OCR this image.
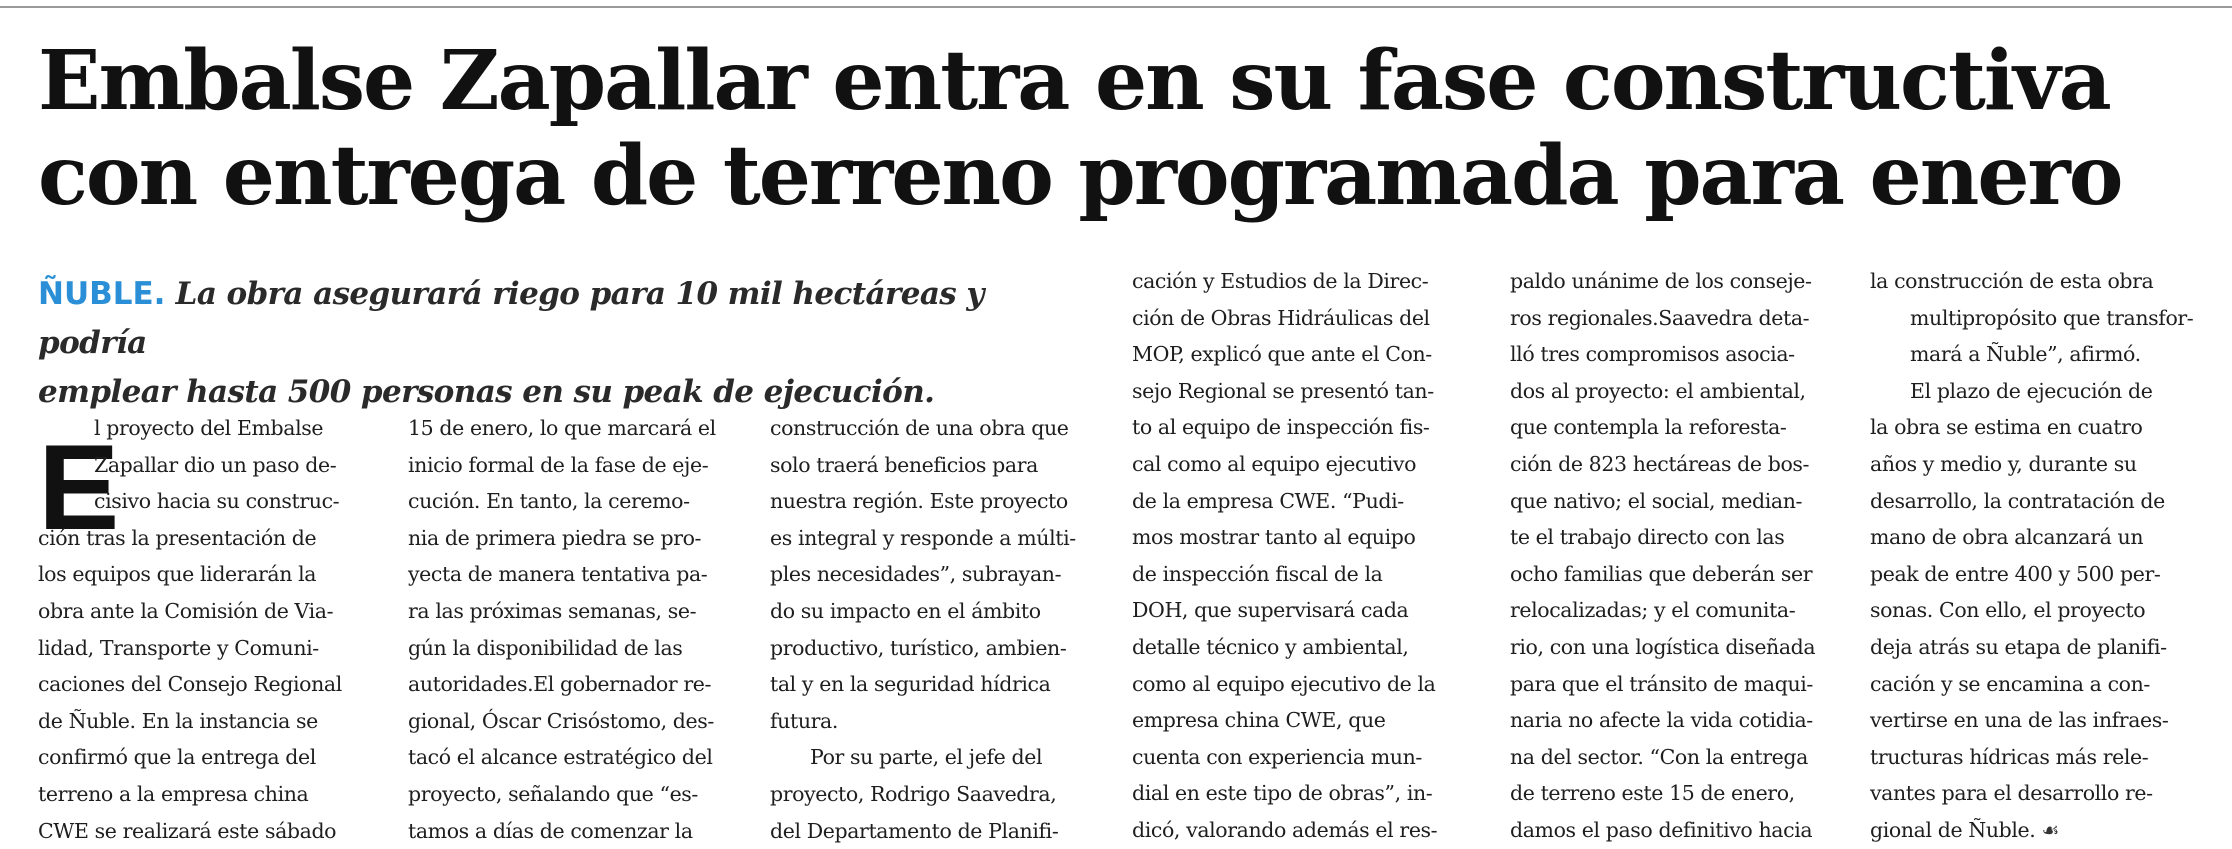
Embalse Zapallar entra en su fase constructiva
con entrega de terreno programada para enero
ÑUBLE. La obra asegurará riego para 10 mil hectáreas y podría
emplear hasta 500 personas en su peak de ejecución.
E

l proyecto del Embalse
Zapallar dio un paso de-
cisivo hacia su construc-
ción tras la presentación de
los equipos que liderarán la
obra ante la Comisión de Via-
lidad, Transporte y Comuni-
caciones del Consejo Regional
de Ñuble. En la instancia se
confirmó que la entrega del
terreno a la empresa china
CWE se realizará este sábado

15 de enero, lo que marcará el
inicio formal de la fase de eje-
cución. En tanto, la ceremo-
nia de primera piedra se pro-
yecta de manera tentativa pa-
ra las próximas semanas, se-
gún la disponibilidad de las
autoridades.El gobernador re-
gional, Óscar Crisóstomo, des-
tacó el alcance estratégico del
proyecto, señalando que “es-
tamos a días de comenzar la

construcción de una obra que
solo traerá beneficios para
nuestra región. Este proyecto
es integral y responde a múlti-
ples necesidades”, subrayan-
do su impacto en el ámbito
productivo, turístico, ambien-
tal y en la seguridad hídrica
futura.

Por su parte, el jefe del
proyecto, Rodrigo Saavedra,
del Departamento de Planifi-

cación y Estudios de la Direc-
ción de Obras Hidráulicas del
MOP, explicó que ante el Con-
sejo Regional se presentó tan-
to al equipo de inspección fis-
cal como al equipo ejecutivo
de la empresa CWE. “Pudi-
mos mostrar tanto al equipo
de inspección fiscal de la
DOH, que supervisará cada
detalle técnico y ambiental,
como al equipo ejecutivo de la
empresa china CWE, que
cuenta con experiencia mun-
dial en este tipo de obras”, in-
dicó, valorando además el res-

paldo unánime de los conseje-
ros regionales.Saavedra deta-
lló tres compromisos asocia-
dos al proyecto: el ambiental,
que contempla la reforesta-
ción de 823 hectáreas de bos-
que nativo; el social, median-
te el trabajo directo con las
ocho familias que deberán ser
relocalizadas; y el comunita-
rio, con una logística diseñada
para que el tránsito de maqui-
naria no afecte la vida cotidia-
na del sector. “Con la entrega
de terreno este 15 de enero,
damos el paso definitivo hacia

la construcción de esta obra
multipropósito que transfor-
mará a Ñuble”, afirmó.

El plazo de ejecución de
la obra se estima en cuatro
años y medio y, durante su
desarrollo, la contratación de
mano de obra alcanzará un
peak de entre 400 y 500 per-
sonas. Con ello, el proyecto
deja atrás su etapa de planifi-
cación y se encamina a con-
vertirse en una de las infraes-
tructuras hídricas más rele-
vantes para el desarrollo re-
gional de Ñuble. ☙
